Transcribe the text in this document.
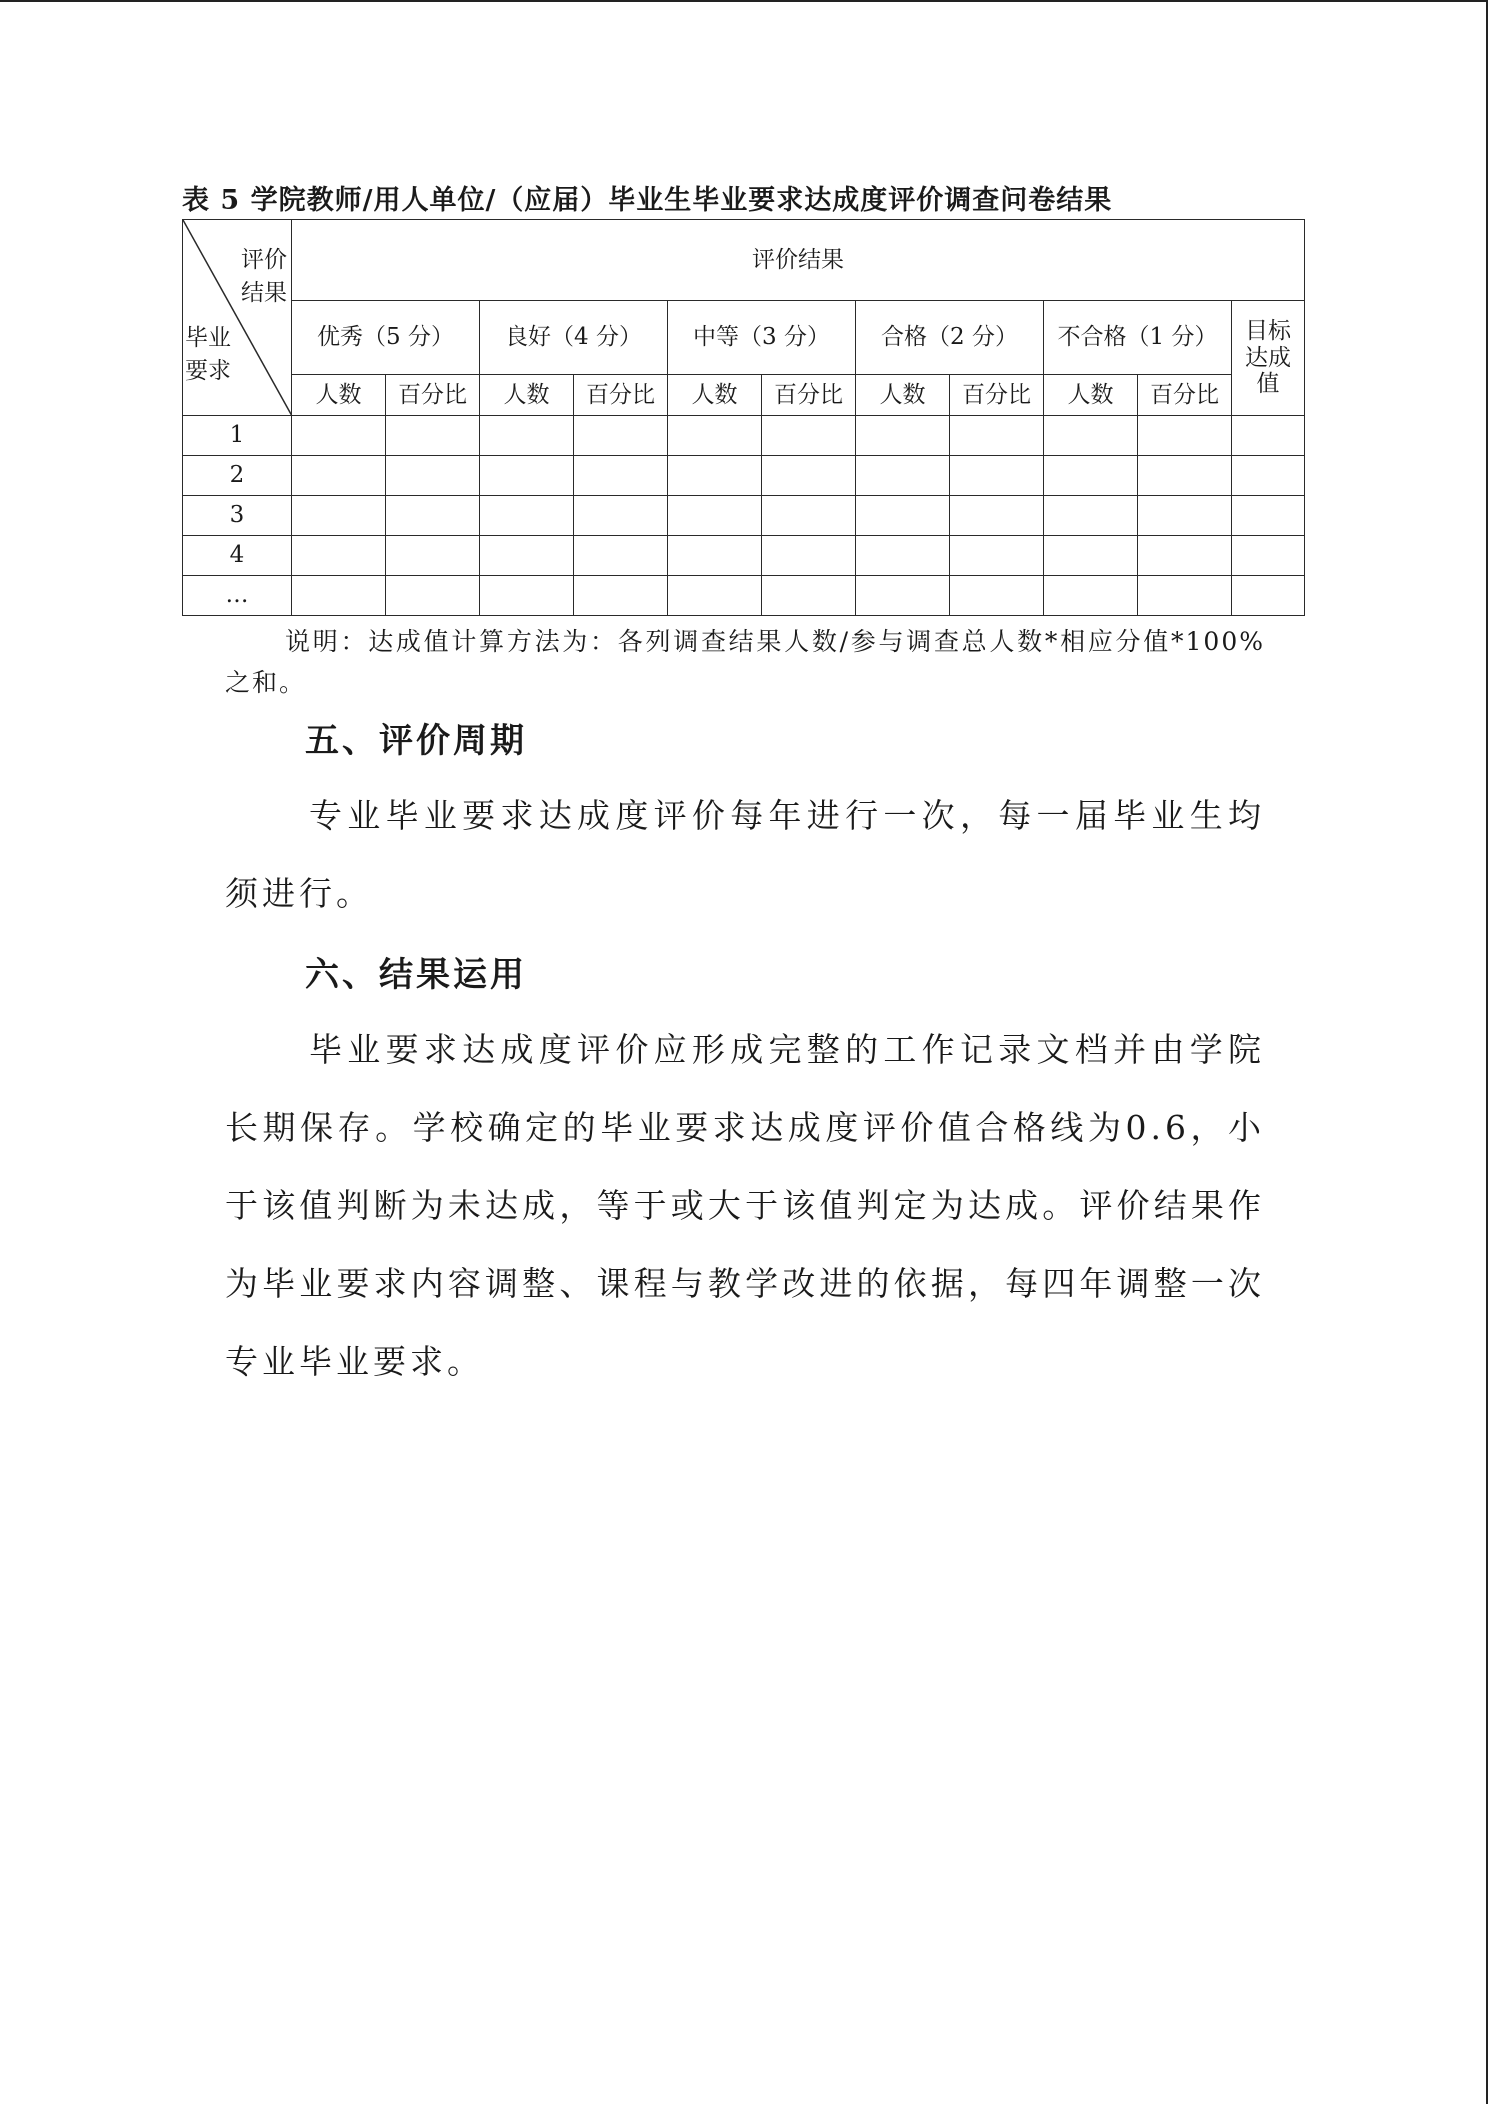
表 5 学院教师/用人单位/（应届）毕业生毕业要求达成度评价调查问卷结果
评价
结果
毕业
要求	评价结果										
	优秀（5 分）		良好（4 分）		中等（3 分）		合格（2 分）		不合格（1 分）		目标
达成
值

	人数	百分比	人数	百分比	人数	百分比	人数	百分比	人数	百分比	
1											
2											
3											
4											
…											
说明：达成值计算方法为：各列调查结果人数/参与调查总人数*相应分值*100%之和。
五、评价周期
专业毕业要求达成度评价每年进行一次，每一届毕业生均须进行。
六、结果运用
毕业要求达成度评价应形成完整的工作记录文档并由学院长期保存。学校确定的毕业要求达成度评价值合格线为0.6，小于该值判断为未达成，等于或大于该值判定为达成。评价结果作为毕业要求内容调整、课程与教学改进的依据，每四年调整一次专业毕业要求。
